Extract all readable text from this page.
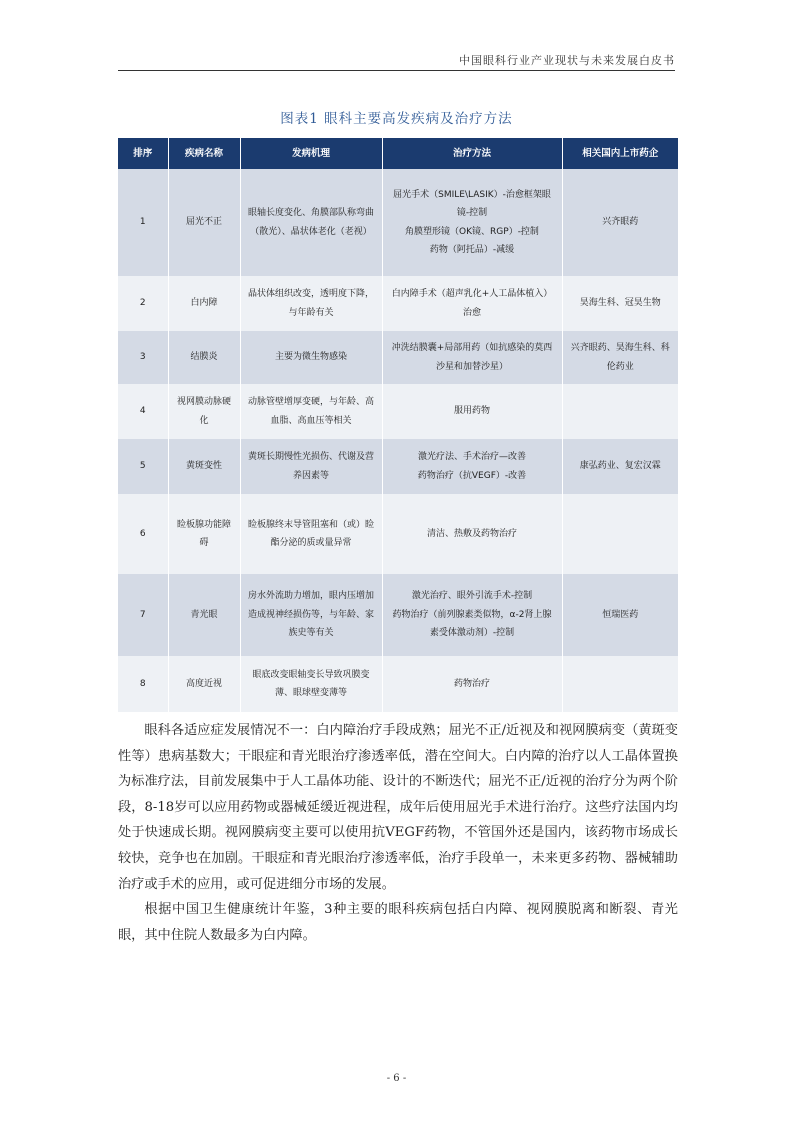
中国眼科行业产业现状与未来发展白皮书
图表1 眼科主要高发疾病及治疗方法
排序	疾病名称	发病机理	治疗方法	相关国内上市药企
1	屈光不正	眼轴长度变化、角膜部队称弯曲（散光）、晶状体老化（老视）	屈光手术（SMILE\LASIK）-治愈框架眼镜-控制
角膜塑形镜（OK镜、RGP）-控制
药物（阿托品）-减缓	兴齐眼药
2	白内障	晶状体组织改变，透明度下降，与年龄有关	白内障手术（超声乳化+人工晶体植入）治愈	昊海生科、冠昊生物
3	结膜炎	主要为微生物感染	冲洗结膜囊+局部用药（如抗感染的莫西沙星和加替沙星）	兴齐眼药、昊海生科、科伦药业
4	视网膜动脉硬化	动脉管壁增厚变硬，与年龄、高血脂、高血压等相关	服用药物	

5	黄斑变性	黄斑长期慢性光损伤、代谢及营养因素等	激光疗法、手术治疗—改善
药物治疗（抗VEGF）-改善	康弘药业、复宏汉霖
6	睑板腺功能障碍	睑板腺终末导管阻塞和（或）睑酯分泌的质或量异常	清洁、热敷及药物治疗	

7	青光眼	房水外流助力增加，眼内压增加造成视神经损伤等，与年龄、家族史等有关	激光治疗、眼外引流手术-控制
药物治疗（前列腺素类似物，α-2肾上腺素受体激动剂）-控制	恒瑞医药
8	高度近视	眼底改变眼轴变长导致巩膜变薄、眼球壁变薄等	药物治疗	

眼科各适应症发展情况不一：白内障治疗手段成熟；屈光不正/近视及和视网膜病变（黄斑变性等）患病基数大；干眼症和青光眼治疗渗透率低，潜在空间大。白内障的治疗以人工晶体置换为标准疗法，目前发展集中于人工晶体功能、设计的不断迭代；屈光不正/近视的治疗分为两个阶段，8-18岁可以应用药物或器械延缓近视进程，成年后使用屈光手术进行治疗。这些疗法国内均处于快速成长期。视网膜病变主要可以使用抗VEGF药物，不管国外还是国内，该药物市场成长较快，竞争也在加剧。干眼症和青光眼治疗渗透率低，治疗手段单一，未来更多药物、器械辅助治疗或手术的应用，或可促进细分市场的发展。

根据中国卫生健康统计年鉴，3种主要的眼科疾病包括白内障、视网膜脱离和断裂、青光眼，其中住院人数最多为白内障。

- 6 -
